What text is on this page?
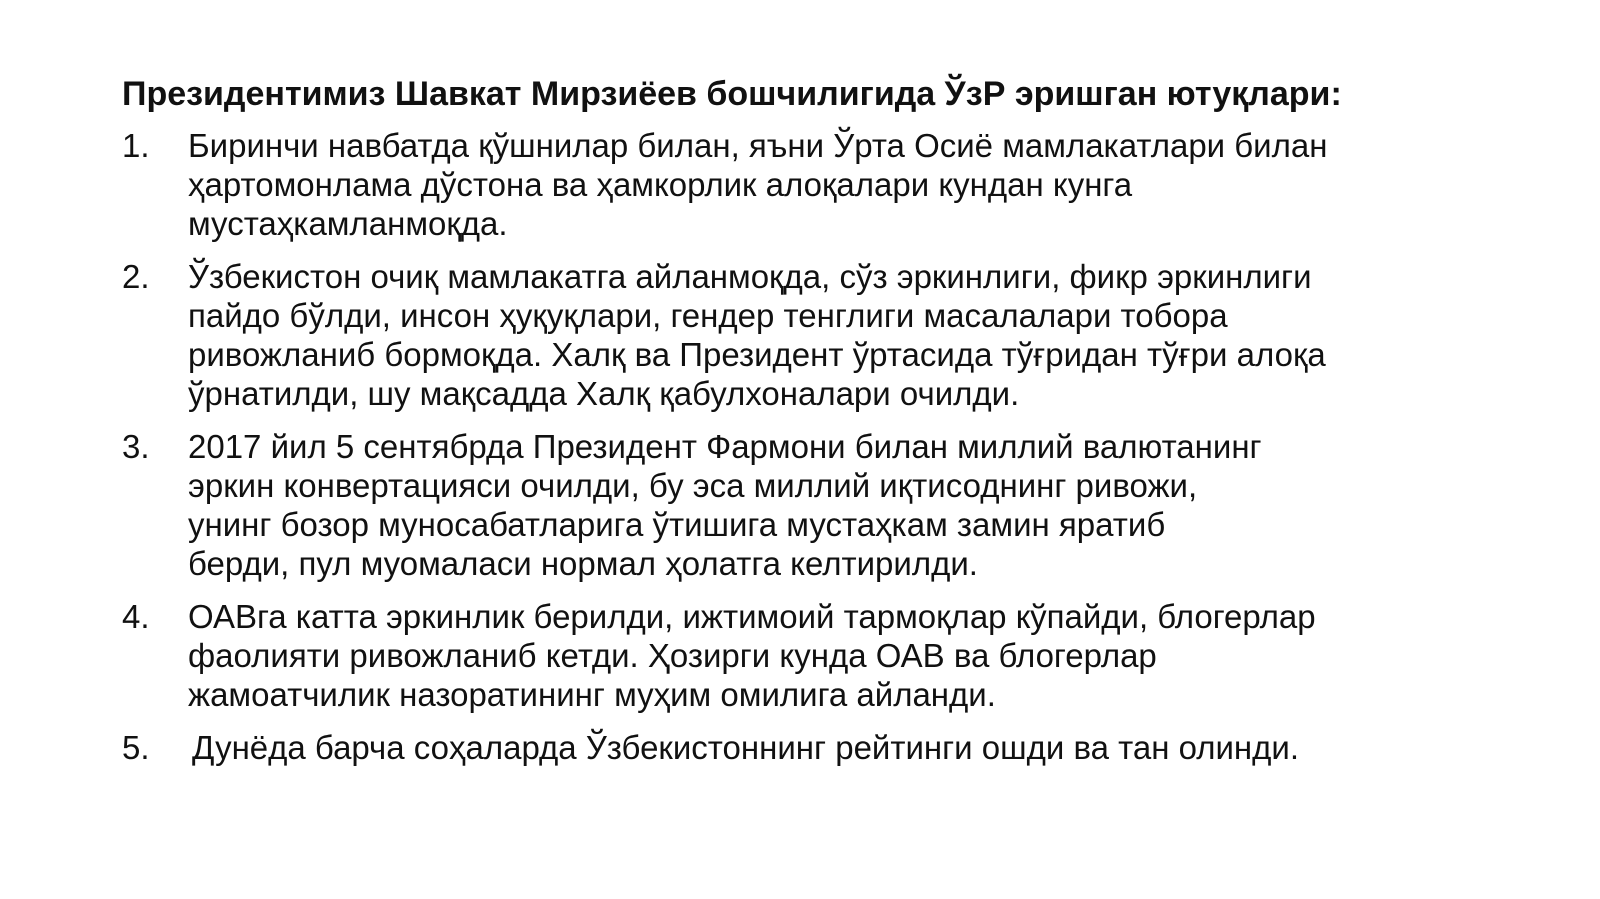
Президентимиз Шавкат Мирзиёев бошчилигида ЎзР эришган ютуқлари:
1.	Биринчи навбатда қўшнилар билан, яъни Ўрта Осиё мамлакатлари билан
ҳартомонлама дўстона ва ҳамкорлик алоқалари кундан кунга
мустаҳкамланмоқда.
2.	Ўзбекистон очиқ мамлакатга айланмоқда, сўз эркинлиги, фикр эркинлиги
пайдо бўлди, инсон ҳуқуқлари, гендер тенглиги масалалари тобора
ривожланиб бормоқда. Халқ ва Президент ўртасида тўғридан тўғри алоқа
ўрнатилди, шу мақсадда Халқ қабулхоналари очилди.
3.	2017 йил 5 сентябрда Президент Фармони билан миллий валютанинг
эркин конвертацияси очилди, бу эса миллий иқтисоднинг ривожи,
унинг бозор муносабатларига ўтишига мустаҳкам замин яратиб
берди, пул муомаласи нормал ҳолатга келтирилди.
4.	ОАВга катта эркинлик берилди, ижтимоий тармоқлар кўпайди, блогерлар
фаолияти ривожланиб кетди. Ҳозирги кунда ОАВ ва блогерлар
жамоатчилик назоратининг муҳим омилига айланди.
5.	Дунёда барча соҳаларда Ўзбекистоннинг рейтинги ошди ва тан олинди.
